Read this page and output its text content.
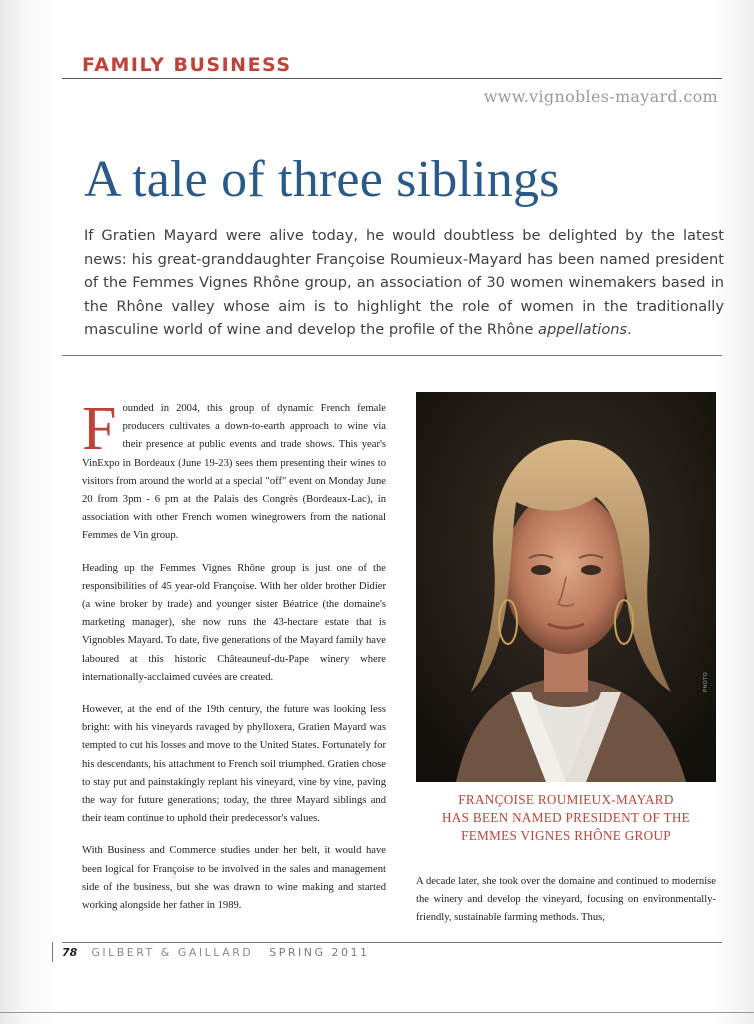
FAMILY BUSINESS
www.vignobles-mayard.com
A tale of three siblings

If Gratien Mayard were alive today, he would doubtless be delighted by the latest news: his great-granddaughter Françoise Roumieux-Mayard has been named president of the Femmes Vignes Rhône group, an association of 30 women winemakers based in the Rhône valley whose aim is to highlight the role of women in the traditionally masculine world of wine and develop the profile of the Rhône appellations.

Founded in 2004, this group of dynamic French female producers cultivates a down-to-earth approach to wine via their presence at public events and trade shows. This year's VinExpo in Bordeaux (June 19-23) sees them presenting their wines to visitors from around the world at a special "off" event on Monday June 20 from 3pm - 6 pm at the Palais des Congrès (Bordeaux-Lac), in association with other French women winegrowers from the national Femmes de Vin group.

Heading up the Femmes Vignes Rhône group is just one of the responsibilities of 45 year-old Françoise. With her older brother Didier (a wine broker by trade) and younger sister Béatrice (the domaine's marketing manager), she now runs the 43-hectare estate that is Vignobles Mayard. To date, five generations of the Mayard family have laboured at this historic Châteauneuf-du-Pape winery where internationally-acclaimed cuvées are created.

However, at the end of the 19th century, the future was looking less bright: with his vineyards ravaged by phylloxera, Gratien Mayard was tempted to cut his losses and move to the United States. Fortunately for his descendants, his attachment to French soil triumphed. Gratien chose to stay put and painstakingly replant his vineyard, vine by vine, paving the way for future generations; today, the three Mayard siblings and their team continue to uphold their predecessor's values.

With Business and Commerce studies under her belt, it would have been logical for Françoise to be involved in the sales and management side of the business, but she was drawn to wine making and started working alongside her father in 1989.

PHOTO

FRANÇOISE ROUMIEUX-MAYARD
HAS BEEN NAMED PRESIDENT OF THE
FEMMES VIGNES RHÔNE GROUP

A decade later, she took over the domaine and continued to modernise the winery and develop the vineyard, focusing on environmentally-friendly, sustainable farming methods. Thus,

78 GILBERT & GAILLARD SPRING 2011
